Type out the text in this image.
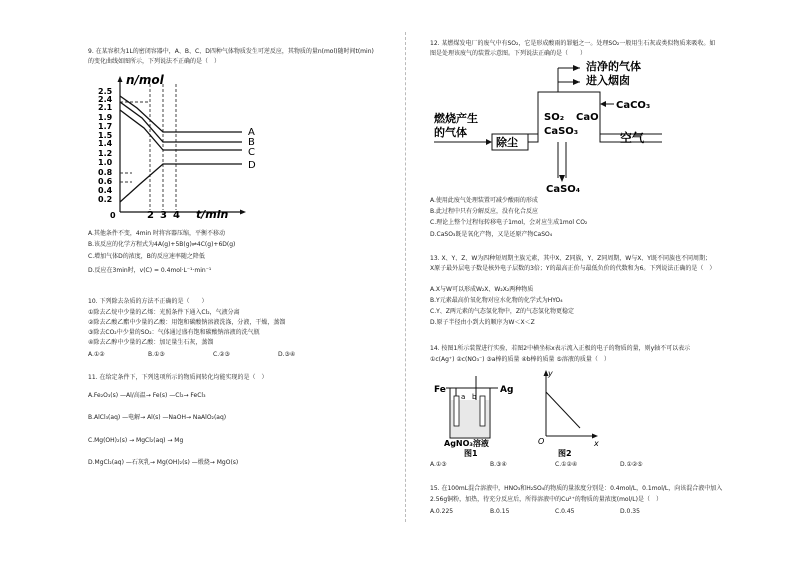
9. 在某容积为1L的密闭容器中，A、B、C、D四种气体物质发生可逆反应，其物质的量n(mol)随时间t(min)
的变化曲线如图所示，下列说法不正确的是（　）
n/mol
t/min
2.5
2.4
2.1
1.9
1.7
1.5
1.4
1.2
1.0
0.8
0.6
0.4
0.2
0	2 3 4
A
B
C
D
A.其他条件不变，4min 时将容器压缩，平衡不移动
B.该反应的化学方程式为4A(g)+5B(g)⇌4C(g)+6D(g)
C.增加气体D的浓度，B的反应速率随之降低
D.反应在3min时，v(C) = 0.4mol·L⁻¹·min⁻¹
10. 下列除去杂质的方法不正确的是（　　）
①除去乙烷中少量的乙烯：光照条件下通入Cl₂，气液分离
②除去乙酸乙酯中少量的乙酸：用饱和碳酸钠溶液洗涤，分液，干燥，蒸馏
③除去CO₂中少量的SO₂：气体通过盛有饱和碳酸钠溶液的洗气瓶
④除去乙醇中少量的乙酸：加足量生石灰，蒸馏
A.①②	B.①③	C.②③	D.③④
11. 在给定条件下，下列选项所示的物质间转化均能实现的是（　）
A.Fe₂O₃(s) —Al/高温→ Fe(s) —Cl₂→ FeCl₃
B.AlCl₃(aq) —电解→ Al(s) —NaOH→ NaAlO₂(aq)
C.Mg(OH)₂(s) → MgCl₂(aq) → Mg
D.MgCl₂(aq) —石灰乳→ Mg(OH)₂(s) —煅烧→ MgO(s)
12. 某燃煤发电厂的废气中有SO₂，它是形成酸雨的罪魁之一。处理SO₂一般用生石灰或类似物质来吸收。如
图是处理该废气的装置示意图。下列说法正确的是（　　）
洁净的气体
进入烟囱
燃烧产生
的气体
除尘
SO₂ CaO
CaSO₃
CaCO₃
空气
CaSO₄
A.使用此废气处理装置可减少酸雨的形成
B.此过程中只有分解反应，没有化合反应
C.理论上整个过程每转移电子1mol，会对应生成1mol CO₂
D.CaSO₃既是氧化产物，又是还原产物CaSO₄
13. X、Y、Z、W为四种短周期主族元素，其中X、Z同族，Y、Z同周期，W与X、Y既不同族也不同周期；
X原子最外层电子数是核外电子层数的3倍；Y的最高正价与最低负价的代数和为6。下列说法正确的是（　）
A.X与W可以形成W₂X、W₂X₂两种物质
B.Y元素最高价氧化物对应水化物的化学式为HYO₄
C.Y、Z两元素的气态氢化物中，Z的气态氢化物更稳定
D.原子半径由小到大的顺序为W＜X＜Z
14. 按图1所示装置进行实验，若图2中横坐标x表示流入正极的电子的物质的量，则y轴不可以表示
①c(Ag⁺) ②c(NO₃⁻) ③a棒的质量 ④b棒的质量 ⑤溶液的质量（　）
Fe	Ag
a b
AgNO₃溶液
图1
y
x
O
图2
A.①③	B.③④	C.①②④	D.①②⑤
15. 在100mL混合溶液中，HNO₃和H₂SO₄的物质的量浓度分别是：0.4mol/L，0.1mol/L，向该混合液中加入
2.56g铜粉，加热，待充分反应后，所得溶液中的Cu²⁺的物质的量浓度(mol/L)是（　）
A.0.225	B.0.15	C.0.45	D.0.35
